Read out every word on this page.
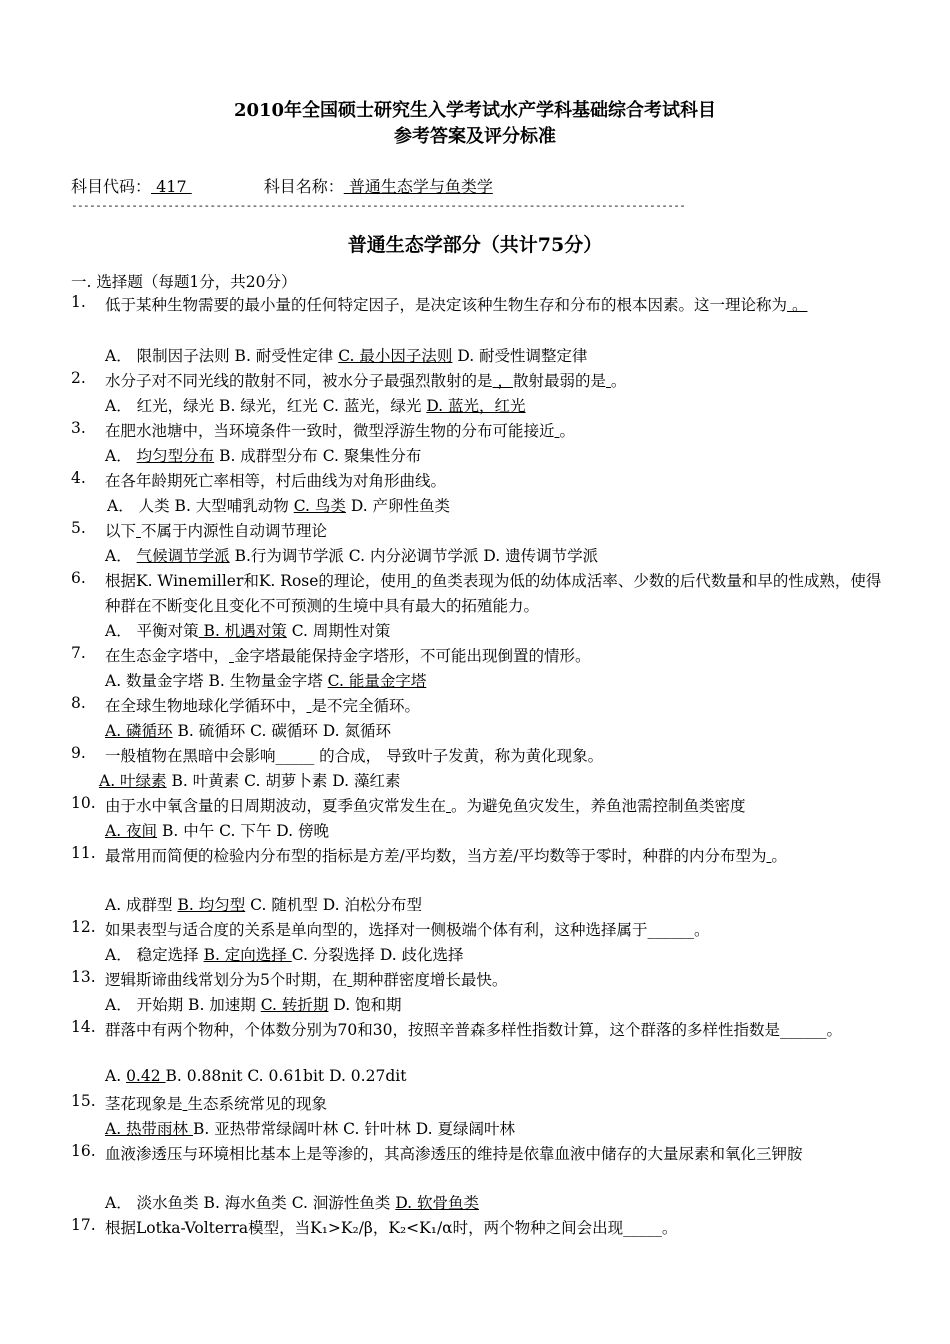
2010年全国硕士研究生入学考试水产学科基础综合考试科目
参考答案及评分标准
科目代码： 417	科目名称： 普通生态学与鱼类学
------------------------------------------------------------------------------------------------------
普通生态学部分（共计75分）
一. 选择题（每题1分，共20分）
1.	低于某种生物需要的最小量的任何特定因子，是决定该种生物生存和分布的根本因素。这一理论称为 。
A． 限制因子法则 B. 耐受性定律 C. 最小因子法则 D. 耐受性调整定律
2.	水分子对不同光线的散射不同，被水分子最强烈散射的是 ，散射最弱的是 。
A． 红光，绿光 B. 绿光，红光 C. 蓝光，绿光 D. 蓝光，红光
3.	在肥水池塘中，当环境条件一致时，微型浮游生物的分布可能接近 。
A． 均匀型分布 B. 成群型分布 C. 聚集性分布
4.	在各年龄期死亡率相等，村后曲线为对角形曲线。
A． 人类 B. 大型哺乳动物 C. 鸟类 D. 产卵性鱼类
5.	以下 不属于内源性自动调节理论
A． 气候调节学派 B.行为调节学派 C. 内分泌调节学派 D. 遗传调节学派
6.	根据K. Winemiller和K. Rose的理论，使用 的鱼类表现为低的幼体成活率、少数的后代数量和早的性成熟，使得种群在不断变化且变化不可预测的生境中具有最大的拓殖能力。
A． 平衡对策 B. 机遇对策 C. 周期性对策
7.	在生态金字塔中， 金字塔最能保持金字塔形，不可能出现倒置的情形。
A. 数量金字塔 B. 生物量金字塔 C. 能量金字塔
8.	在全球生物地球化学循环中， 是不完全循环。
A. 磷循环 B. 硫循环 C. 碳循环 D. 氮循环
9.	一般植物在黑暗中会影响_____ 的合成， 导致叶子发黄，称为黄化现象。
A. 叶绿素 B. 叶黄素 C. 胡萝卜素 D. 藻红素
10. 由于水中氧含量的日周期波动，夏季鱼灾常发生在 。为避免鱼灾发生，养鱼池需控制鱼类密度
A. 夜间 B. 中午 C. 下午 D. 傍晚
11. 最常用而简便的检验内分布型的指标是方差/平均数，当方差/平均数等于零时，种群的内分布型为 。
A. 成群型 B. 均匀型 C. 随机型 D. 泊松分布型
12. 如果表型与适合度的关系是单向型的，选择对一侧极端个体有利，这种选择属于______。
A． 稳定选择 B. 定向选择 C. 分裂选择 D. 歧化选择
13. 逻辑斯谛曲线常划分为5个时期，在 期种群密度增长最快。
A． 开始期 B. 加速期 C. 转折期 D. 饱和期
14. 群落中有两个物种，个体数分别为70和30，按照辛普森多样性指数计算，这个群落的多样性指数是______。
A. 0.42 B. 0.88nit C. 0.61bit D. 0.27dit
15. 茎花现象是 生态系统常见的现象
A. 热带雨林 B. 亚热带常绿阔叶林 C. 针叶林 D. 夏绿阔叶林
16. 血液渗透压与环境相比基本上是等渗的，其高渗透压的维持是依靠血液中储存的大量尿素和氧化三钾胺
A． 淡水鱼类 B. 海水鱼类 C. 洄游性鱼类 D. 软骨鱼类
17. 根据Lotka-Volterra模型，当K₁>K₂/β，K₂<K₁/α时，两个物种之间会出现_____。
